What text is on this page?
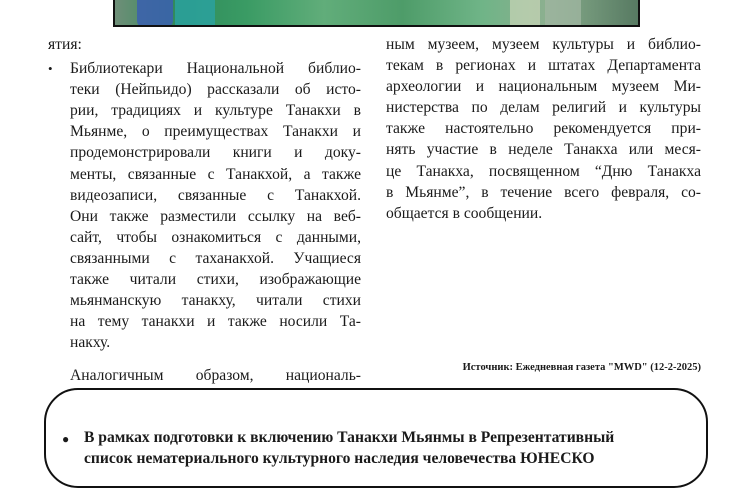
ятия:
• Библиотекари Национальной библио-
теки (Нейпьидо) рассказали об исто-
рии, традициях и культуре Танакхи в
Мьянме, о преимуществах Танакхи и
продемонстрировали книги и доку-
менты, связанные с Танакхой, а также
видеозаписи, связанные с Танакхой.
Они также разместили ссылку на веб-
сайт, чтобы ознакомиться с данными,
связанными с таханакхой. Учащиеся
также читали стихи, изображающие
мьянманскую танакху, читали стихи
на тему танакхи и также носили Та-
накху.
Аналогичным образом, националь-
ным музеем, музеем культуры и библио-
текам в регионах и штатах Департамента
археологии и национальным музеем Ми-
нистерства по делам религий и культуры
также настоятельно рекомендуется при-
нять участие в неделе Танакха или меся-
це Танакха, посвященном “Дню Танакха
в Мьянме”, в течение всего февраля, со-
общается в сообщении.
Источник: Ежедневная газета "MWD" (12-2-2025)
● В рамках подготовки к включению Танакхи Мьянмы в Репрезентативный
список нематериального культурного наследия человечества ЮНЕСКО
